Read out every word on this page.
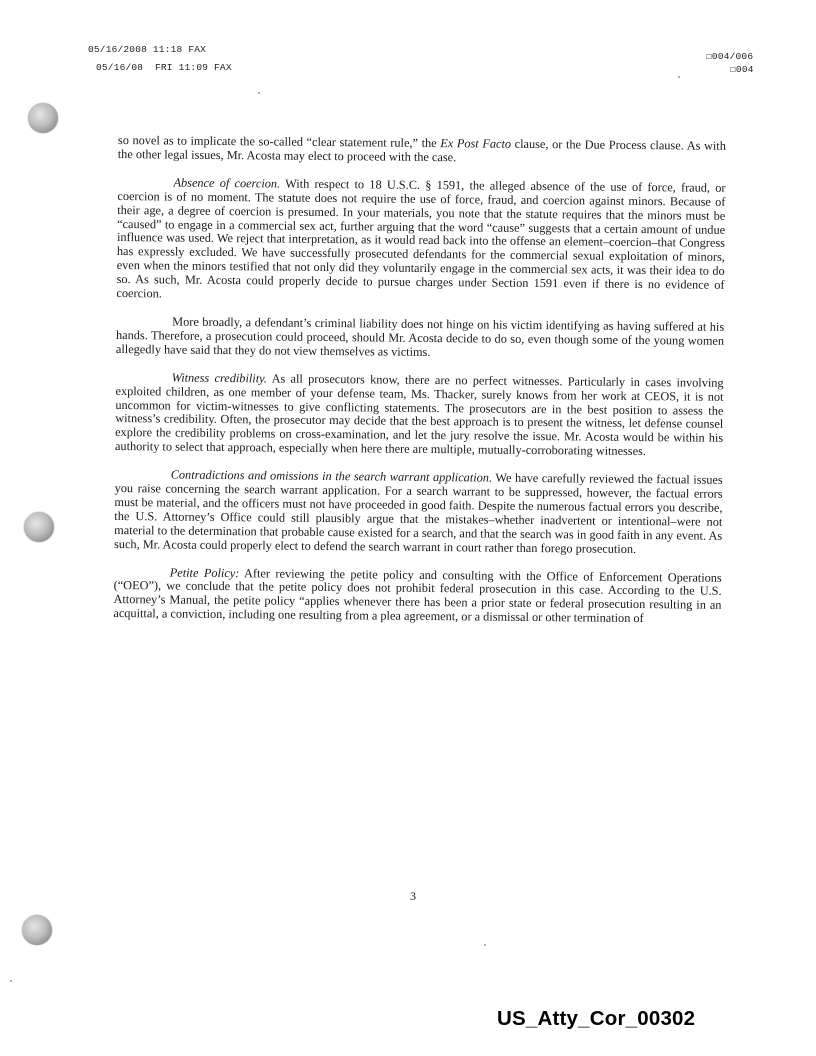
05/16/2008 11:18 FAX
05/16/08  FRI 11:09 FAX
☐004/006
☐004

so novel as to implicate the so-called “clear statement rule,” the Ex Post Facto clause, or the Due Process clause. As with the other legal issues, Mr. Acosta may elect to proceed with the case.

Absence of coercion. With respect to 18 U.S.C. § 1591, the alleged absence of the use of force, fraud, or coercion is of no moment. The statute does not require the use of force, fraud, and coercion against minors. Because of their age, a degree of coercion is presumed. In your materials, you note that the statute requires that the minors must be “caused” to engage in a commercial sex act, further arguing that the word “cause” suggests that a certain amount of undue influence was used. We reject that interpretation, as it would read back into the offense an element–coercion–that Congress has expressly excluded. We have successfully prosecuted defendants for the commercial sexual exploitation of minors, even when the minors testified that not only did they voluntarily engage in the commercial sex acts, it was their idea to do so. As such, Mr. Acosta could properly decide to pursue charges under Section 1591 even if there is no evidence of coercion.

More broadly, a defendant’s criminal liability does not hinge on his victim identifying as having suffered at his hands. Therefore, a prosecution could proceed, should Mr. Acosta decide to do so, even though some of the young women allegedly have said that they do not view themselves as victims.

Witness credibility. As all prosecutors know, there are no perfect witnesses. Particularly in cases involving exploited children, as one member of your defense team, Ms. Thacker, surely knows from her work at CEOS, it is not uncommon for victim-witnesses to give conflicting statements. The prosecutors are in the best position to assess the witness’s credibility. Often, the prosecutor may decide that the best approach is to present the witness, let defense counsel explore the credibility problems on cross-examination, and let the jury resolve the issue. Mr. Acosta would be within his authority to select that approach, especially when here there are multiple, mutually-corroborating witnesses.

Contradictions and omissions in the search warrant application. We have carefully reviewed the factual issues you raise concerning the search warrant application. For a search warrant to be suppressed, however, the factual errors must be material, and the officers must not have proceeded in good faith. Despite the numerous factual errors you describe, the U.S. Attorney’s Office could still plausibly argue that the mistakes–whether inadvertent or intentional–were not material to the determination that probable cause existed for a search, and that the search was in good faith in any event. As such, Mr. Acosta could properly elect to defend the search warrant in court rather than forego prosecution.

Petite Policy: After reviewing the petite policy and consulting with the Office of Enforcement Operations (“OEO”), we conclude that the petite policy does not prohibit federal prosecution in this case. According to the U.S. Attorney’s Manual, the petite policy “applies whenever there has been a prior state or federal prosecution resulting in an acquittal, a conviction, including one resulting from a plea agreement, or a dismissal or other termination of

3
US_Atty_Cor_00302
